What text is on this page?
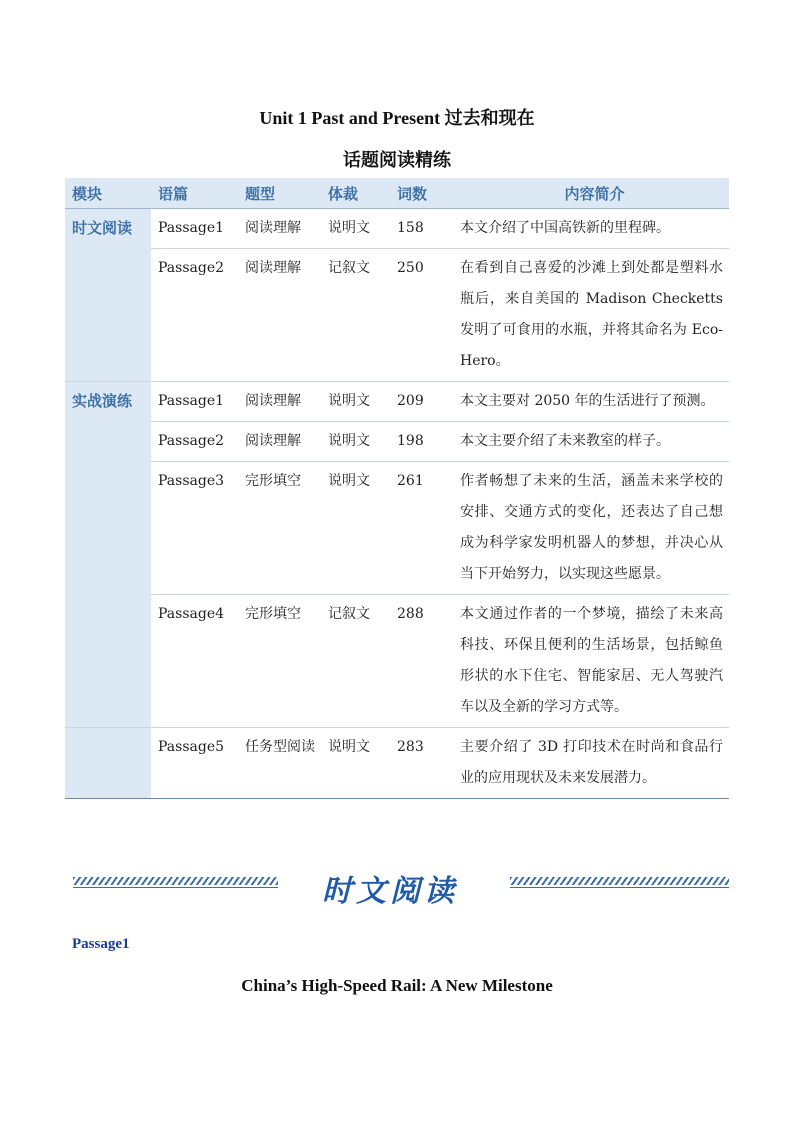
Unit 1 Past and Present 过去和现在
话题阅读精练
模块	语篇	题型	体裁	词数	内容简介
时文阅读	Passage1	阅读理解	说明文	158	本文介绍了中国高铁新的里程碑。
	Passage2	阅读理解	记叙文	250	在看到自己喜爱的沙滩上到处都是塑料水瓶后，来自美国的 Madison Checketts 发明了可食用的水瓶，并将其命名为 Eco-Hero。
实战演练	Passage1	阅读理解	说明文	209	本文主要对 2050 年的生活进行了预测。
	Passage2	阅读理解	说明文	198	本文主要介绍了未来教室的样子。
	Passage3	完形填空	说明文	261	作者畅想了未来的生活，涵盖未来学校的安排、交通方式的变化，还表达了自己想成为科学家发明机器人的梦想，并决心从当下开始努力，以实现这些愿景。
	Passage4	完形填空	记叙文	288	本文通过作者的一个梦境，描绘了未来高科技、环保且便利的生活场景，包括鲸鱼形状的水下住宅、智能家居、无人驾驶汽车以及全新的学习方式等。
	Passage5	任务型阅读	说明文	283	主要介绍了 3D 打印技术在时尚和食品行业的应用现状及未来发展潜力。
时文阅读
Passage1
China’s High-Speed Rail: A New Milestone
